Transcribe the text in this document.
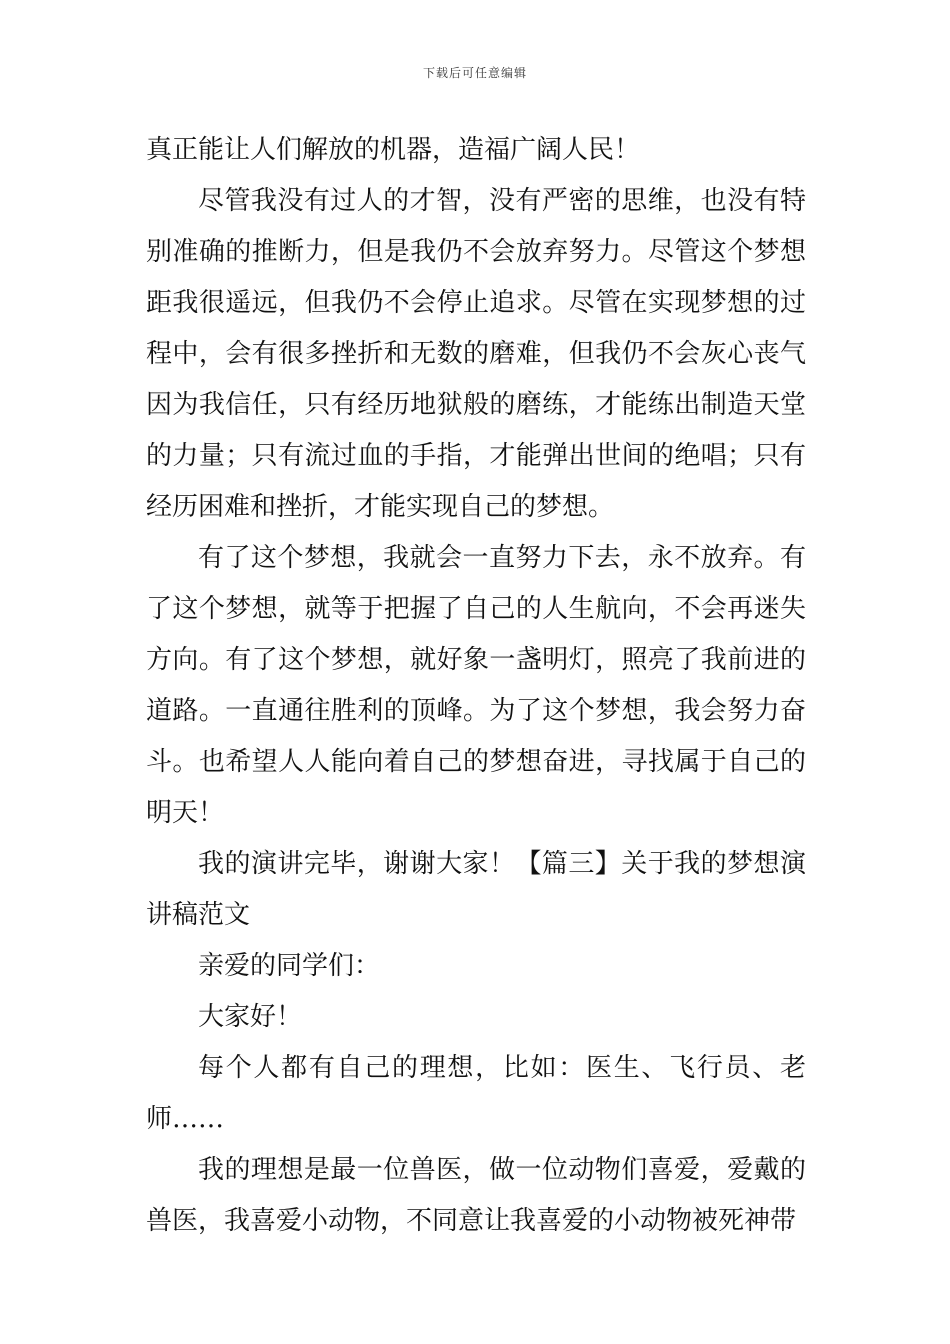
下载后可任意编辑

真正能让人们解放的机器，造福广阔人民！

尽管我没有过人的才智，没有严密的思维，也没有特别准确的推断力，但是我仍不会放弃努力。尽管这个梦想距我很遥远，但我仍不会停止追求。尽管在实现梦想的过程中，会有很多挫折和无数的磨难，但我仍不会灰心丧气因为我信任，只有经历地狱般的磨练，才能练出制造天堂的力量；只有流过血的手指，才能弹出世间的绝唱；只有经历困难和挫折，才能实现自己的梦想。

有了这个梦想，我就会一直努力下去，永不放弃。有了这个梦想，就等于把握了自己的人生航向，不会再迷失方向。有了这个梦想，就好象一盏明灯，照亮了我前进的道路。一直通往胜利的顶峰。为了这个梦想，我会努力奋斗。也希望人人能向着自己的梦想奋进，寻找属于自己的明天！

我的演讲完毕，谢谢大家！【篇三】关于我的梦想演讲稿范文

亲爱的同学们：

大家好！

每个人都有自己的理想，比如：医生、飞行员、老师……

我的理想是最一位兽医，做一位动物们喜爱，爱戴的兽医，我喜爱小动物，不同意让我喜爱的小动物被死神带
